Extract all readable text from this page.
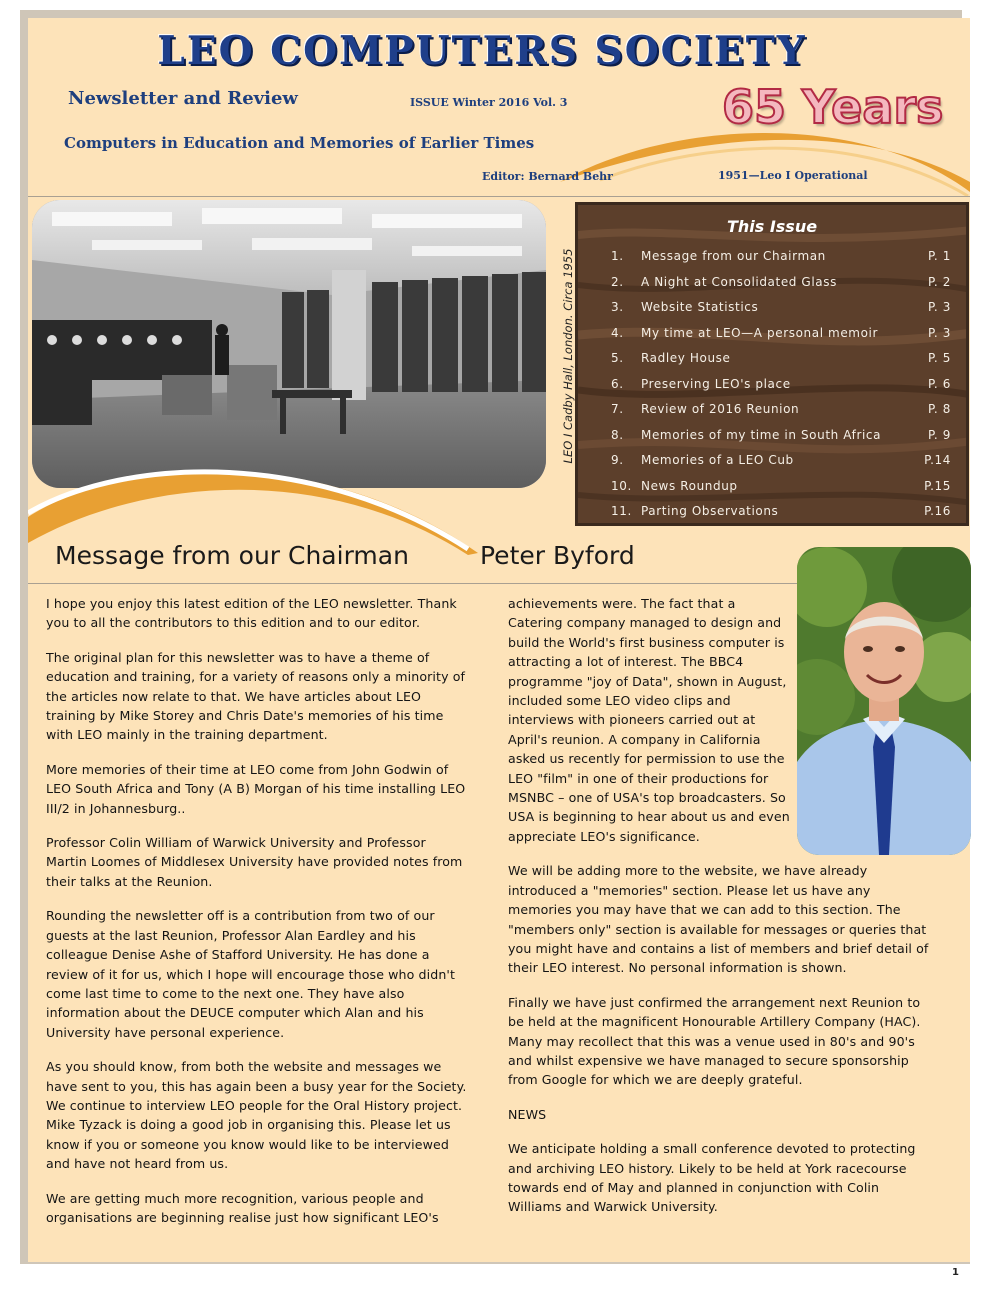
LEO COMPUTERS SOCIETY
Newsletter and Review	ISSUE Winter 2016 Vol. 3
Computers in Education and Memories of Earlier Times
65 Years
Editor: Bernard Behr	1951—Leo I Operational
LEO I Cadby Hall, London. Circa 1955
This Issue
1. Message from our Chairman	P. 1
2. A Night at Consolidated Glass	P. 2
3. Website Statistics	P. 3
4. My time at LEO—A personal memoir	P. 3
5. Radley House	P. 5
6. Preserving LEO's place	P. 6
7. Review of 2016 Reunion	P. 8
8. Memories of my time in South Africa	P. 9
9. Memories of a LEO Cub	P.14
10. News Roundup	P.15
11. Parting Observations	P.16
Message from our Chairman	Peter Byford

I hope you enjoy this latest edition of the LEO newsletter. Thank you to all the contributors to this edition and to our editor.

The original plan for this newsletter was to have a theme of education and training, for a variety of reasons only a minority of the articles now relate to that. We have articles about LEO training by Mike Storey and Chris Date's memories of his time with LEO mainly in the training department.

More memories of their time at LEO come from John Godwin of LEO South Africa and Tony (A B) Morgan of his time installing LEO III/2 in Johannesburg..

Professor Colin William of Warwick University and Professor Martin Loomes of Middlesex University have provided notes from their talks at the Reunion.

Rounding the newsletter off is a contribution from two of our guests at the last Reunion, Professor Alan Eardley and his colleague Denise Ashe of Stafford University. He has done a review of it for us, which I hope will encourage those who didn't come last time to come to the next one. They have also information about the DEUCE computer which Alan and his University have personal experience.

As you should know, from both the website and messages we have sent to you, this has again been a busy year for the Society. We continue to interview LEO people for the Oral History project. Mike Tyzack is doing a good job in organising this. Please let us know if you or someone you know would like to be interviewed and have not heard from us.

We are getting much more recognition, various people and organisations are beginning realise just how significant LEO's

achievements were. The fact that a Catering company managed to design and build the World's first business computer is attracting a lot of interest. The BBC4 programme "joy of Data", shown in August, included some LEO video clips and interviews with pioneers carried out at April's reunion. A company in California asked us recently for permission to use the LEO "film" in one of their productions for MSNBC – one of USA's top broadcasters. So USA is beginning to hear about us and even appreciate LEO's significance.

We will be adding more to the website, we have already introduced a "memories" section. Please let us have any memories you may have that we can add to this section. The "members only" section is available for messages or queries that you might have and contains a list of members and brief detail of their LEO interest. No personal information is shown.

Finally we have just confirmed the arrangement next Reunion to be held at the magnificent Honourable Artillery Company (HAC). Many may recollect that this was a venue used in 80's and 90's and whilst expensive we have managed to secure sponsorship from Google for which we are deeply grateful.

NEWS

We anticipate holding a small conference devoted to protecting and archiving LEO history. Likely to be held at York racecourse towards end of May and planned in conjunction with Colin Williams and Warwick University.

1
